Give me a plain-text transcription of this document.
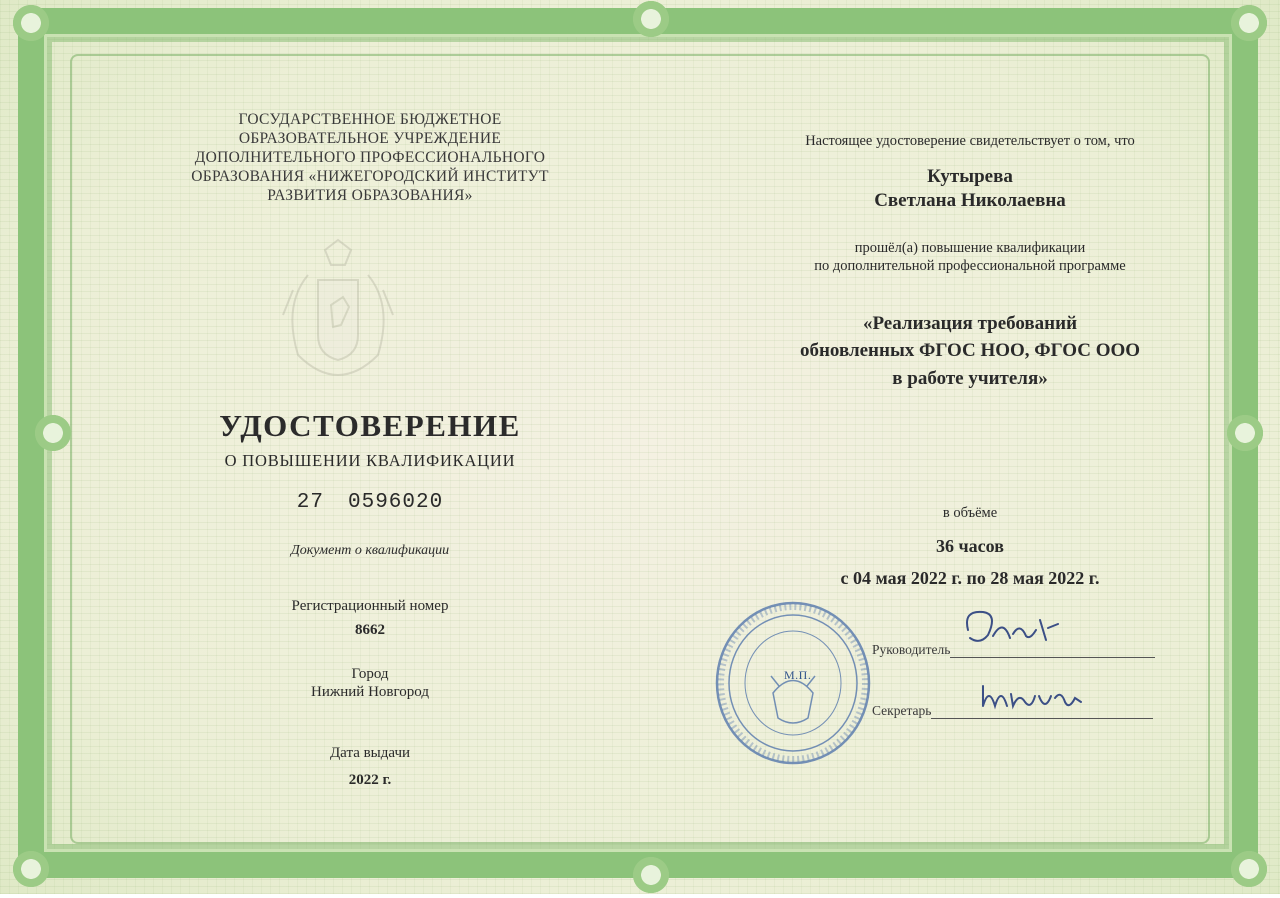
ГОСУДАРСТВЕННОЕ БЮДЖЕТНОЕ
ОБРАЗОВАТЕЛЬНОЕ УЧРЕЖДЕНИЕ
ДОПОЛНИТЕЛЬНОГО ПРОФЕССИОНАЛЬНОГО
ОБРАЗОВАНИЯ «НИЖЕГОРОДСКИЙ ИНСТИТУТ
РАЗВИТИЯ ОБРАЗОВАНИЯ»
УДОСТОВЕРЕНИЕ
О ПОВЫШЕНИИ КВАЛИФИКАЦИИ
27 0596020
Документ о квалификации
Регистрационный номер
8662
Город
Нижний Новгород
Дата выдачи
2022 г.
Настоящее удостоверение свидетельствует о том, что
Кутырева
Светлана Николаевна
прошёл(а) повышение квалификации
по дополнительной профессиональной программе
«Реализация требований
обновленных ФГОС НОО, ФГОС ООО
в работе учителя»
в объёме
36 часов
с 04 мая 2022 г. по 28 мая 2022 г.
М.П.
Руководитель
Секретарь
